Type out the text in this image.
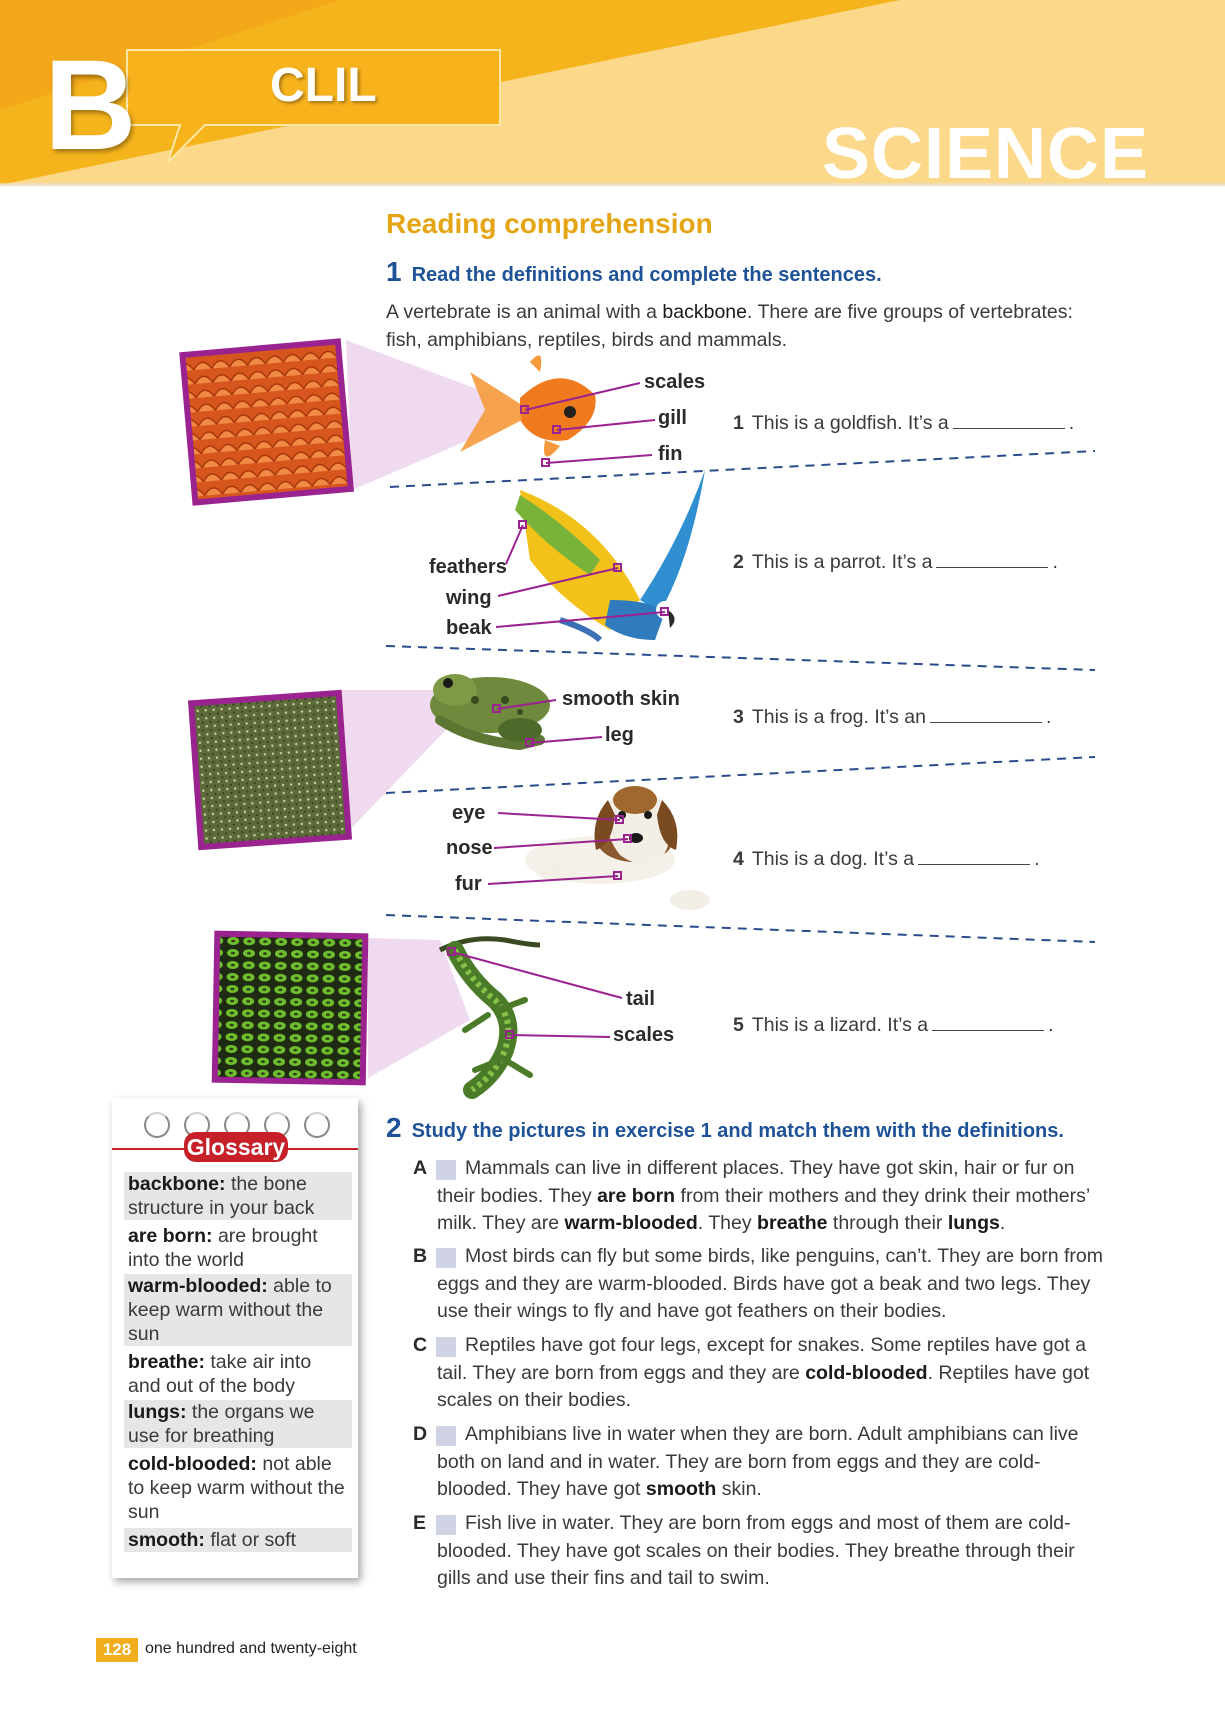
B	CLIL
SCIENCE
Reading comprehension
1 Read the definitions and complete the sentences.
A vertebrate is an animal with a backbone. There are five groups of vertebrates: fish, amphibians, reptiles, birds and mammals.
scales
gill
fin
feathers
wing
beak
smooth skin
leg
eye
nose
fur
tail
scales
1 This is a goldfish. It’s a	.
2 This is a parrot. It’s a	.
3 This is a frog. It’s an	.
4 This is a dog. It’s a	.
5 This is a lizard. It’s a	.
2 Study the pictures in exercise 1 and match them with the definitions.
A	Mammals can live in different places. They have got skin, hair or fur on their bodies. They are born from their mothers and they drink their mothers’ milk. They are warm-blooded. They breathe through their lungs.
B	Most birds can fly but some birds, like penguins, can’t. They are born from eggs and they are warm-blooded. Birds have got a beak and two legs. They use their wings to fly and have got feathers on their bodies.
C	Reptiles have got four legs, except for snakes. Some reptiles have got a tail. They are born from eggs and they are cold-blooded. Reptiles have got scales on their bodies.
D	Amphibians live in water when they are born. Adult amphibians can live both on land and in water. They are born from eggs and they are cold-blooded. They have got smooth skin.
E	Fish live in water. They are born from eggs and most of them are cold-blooded. They have got scales on their bodies. They breathe through their gills and use their fins and tail to swim.
Glossary
backbone: the bone structure in your back
are born: are brought into the world
warm-blooded: able to keep warm without the sun
breathe: take air into and out of the body
lungs: the organs we use for breathing
cold-blooded: not able to keep warm without the sun
smooth: flat or soft
128 one hundred and twenty-eight
